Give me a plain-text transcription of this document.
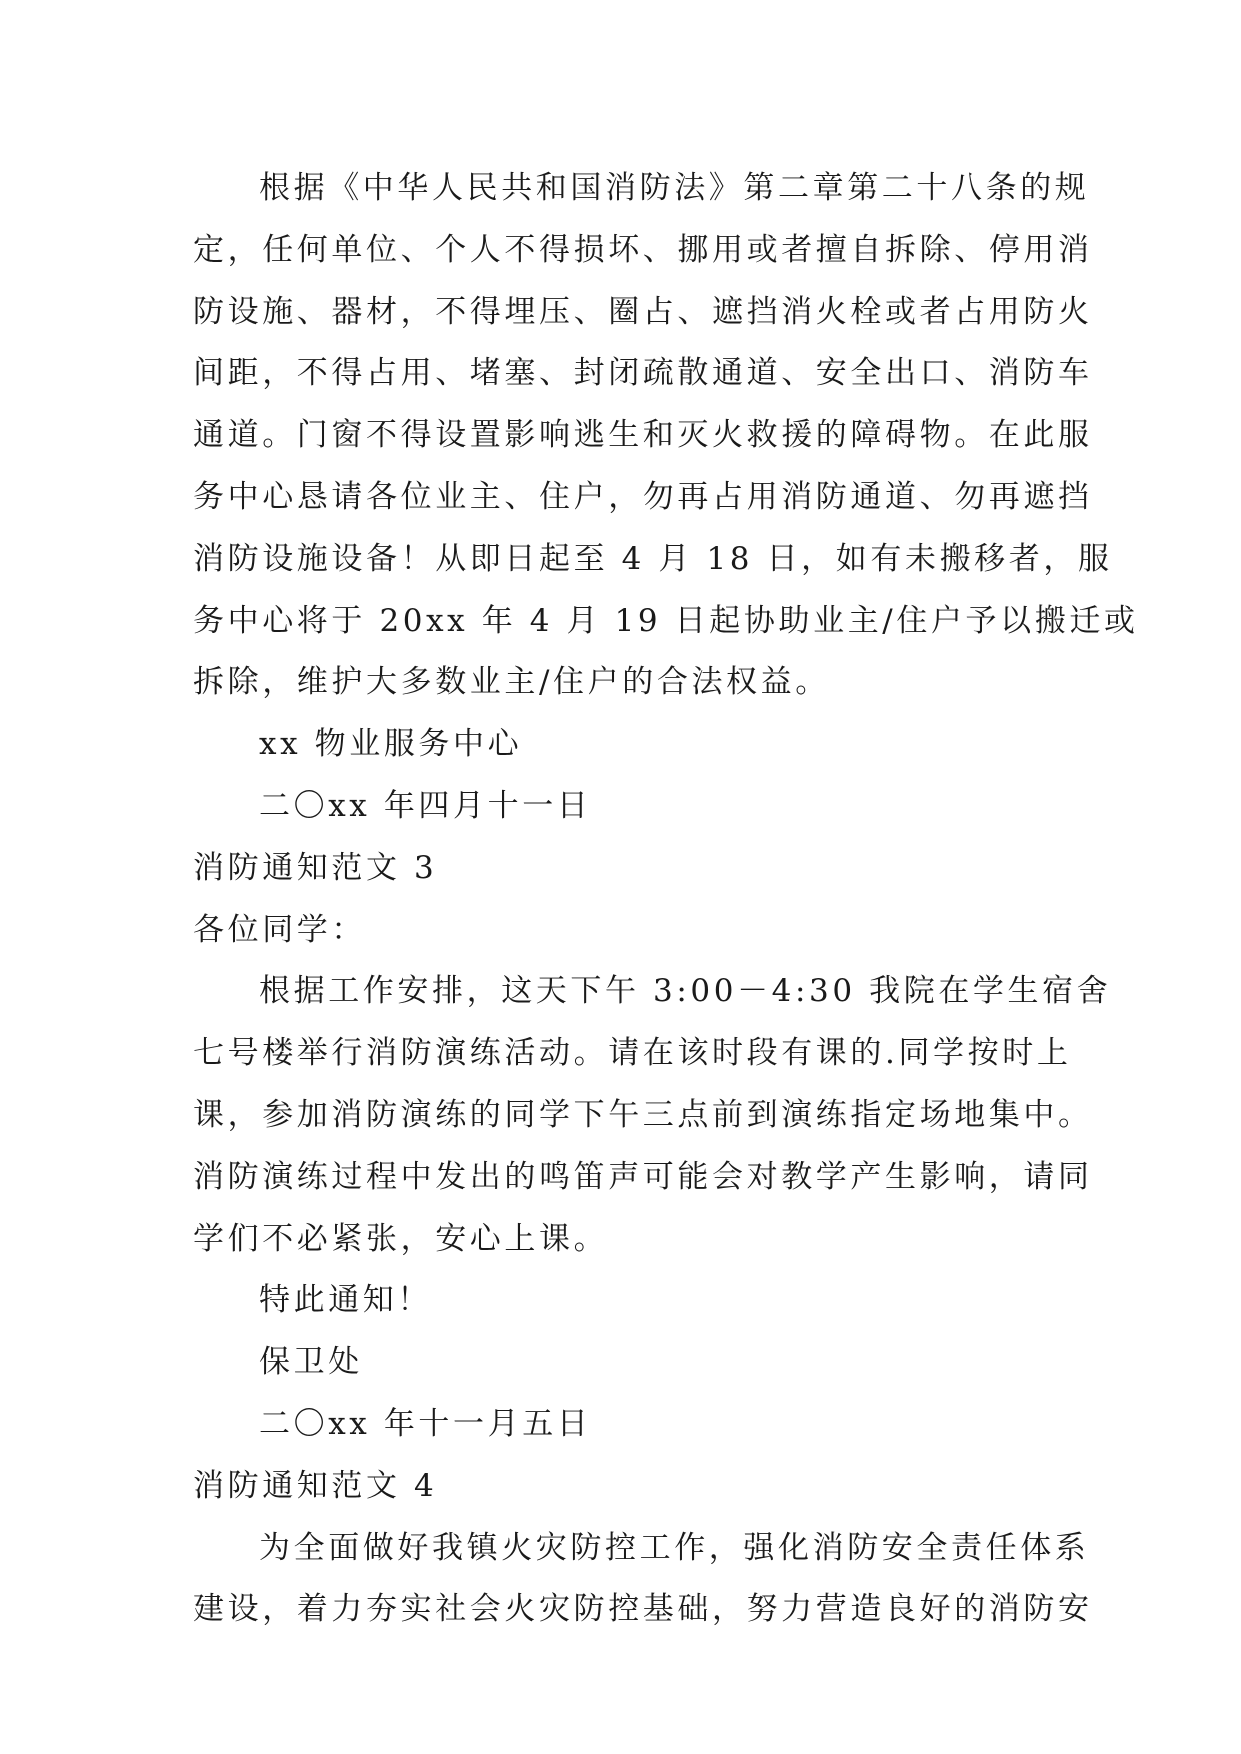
根据《中华人民共和国消防法》第二章第二十八条的规
定，任何单位、个人不得损坏、挪用或者擅自拆除、停用消
防设施、器材，不得埋压、圈占、遮挡消火栓或者占用防火
间距，不得占用、堵塞、封闭疏散通道、安全出口、消防车
通道。门窗不得设置影响逃生和灭火救援的障碍物。在此服
务中心恳请各位业主、住户，勿再占用消防通道、勿再遮挡
消防设施设备！从即日起至 4 月 18 日，如有未搬移者，服
务中心将于 20xx 年 4 月 19 日起协助业主/住户予以搬迁或
拆除，维护大多数业主/住户的合法权益。

xx 物业服务中心

二〇xx 年四月十一日

消防通知范文 3

各位同学：

根据工作安排，这天下午 3:00－4:30 我院在学生宿舍
七号楼举行消防演练活动。请在该时段有课的.同学按时上
课，参加消防演练的同学下午三点前到演练指定场地集中。
消防演练过程中发出的鸣笛声可能会对教学产生影响，请同
学们不必紧张，安心上课。

特此通知！

保卫处

二〇xx 年十一月五日

消防通知范文 4

为全面做好我镇火灾防控工作，强化消防安全责任体系
建设，着力夯实社会火灾防控基础，努力营造良好的消防安
